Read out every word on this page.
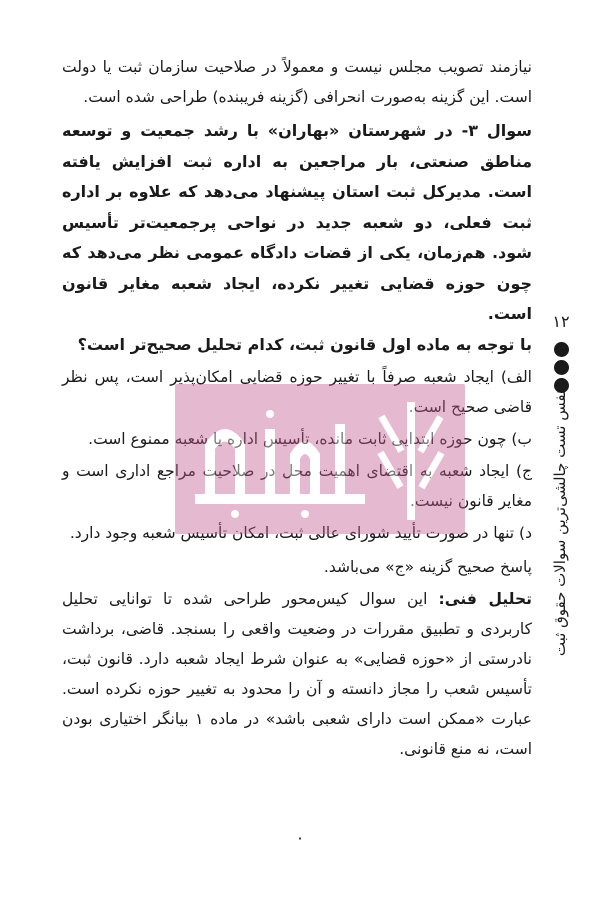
نیازمند تصویب مجلس نیست و معمولاً در صلاحیت سازمان ثبت یا دولت است. این گزینه به‌صورت انحرافی (گزینه فریبنده) طراحی شده است.

سوال ۳- در شهرستان «بهاران» با رشد جمعیت و توسعه مناطق صنعتی، بار مراجعین به اداره ثبت افزایش یافته است. مدیرکل ثبت استان پیشنهاد می‌دهد که علاوه بر اداره ثبت فعلی، دو شعبه جدید در نواحی پرجمعیت‌تر تأسیس شود. هم‌زمان، یکی از قضات دادگاه عمومی نظر می‌دهد که چون حوزه قضایی تغییر نکرده، ایجاد شعبه مغایر قانون است.

با توجه به ماده اول قانون ثبت، کدام تحلیل صحیح‌تر است؟

الف) ایجاد شعبه صرفاً با تغییر حوزه قضایی امکان‌پذیر است، پس نظر قاضی صحیح است.

ب) چون حوزه ابتدایی ثابت مانده، تأسیس اداره یا شعبه ممنوع است.

ج) ایجاد شعبه به اقتضای اهمیت محل در صلاحیت مراجع اداری است و مغایر قانون نیست.

د) تنها در صورت تأیید شورای عالی ثبت، امکان تأسیس شعبه وجود دارد.

پاسخ صحیح گزینه «ج» می‌باشد.

تحلیل فنی: این سوال کیس‌محور طراحی شده تا توانایی تحلیل کاربردی و تطبیق مقررات در وضعیت واقعی را بسنجد. قاضی، برداشت نادرستی از «حوزه قضایی» به عنوان شرط ایجاد شعبه دارد. قانون ثبت، تأسیس شعب را مجاز دانسته و آن را محدود به تغییر حوزه نکرده است. عبارت «ممکن است دارای شعبی باشد» در ماده ۱ بیانگر اختیاری بودن است، نه منع قانونی.

۱۲
نفس تست چالشی‌ترین سوالات حقوق ثبت
۰
